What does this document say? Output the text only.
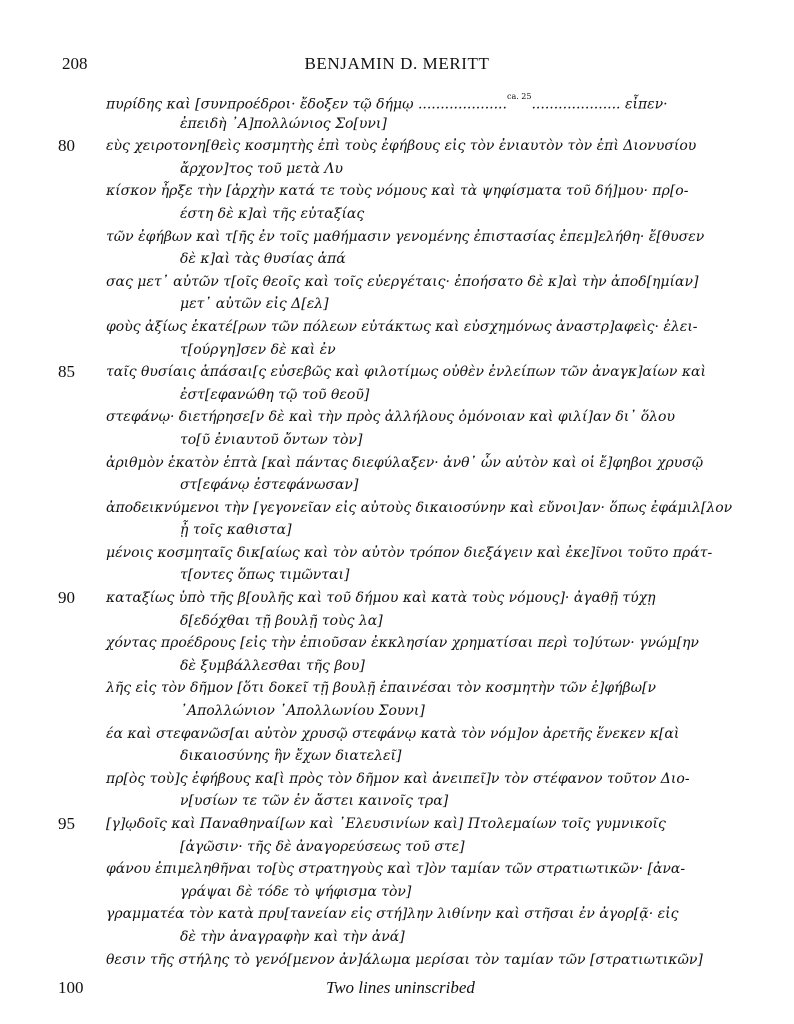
208	BENJAMIN D. MERITT
πυρίδης καὶ [συνπροέδροι· ἔδοξεν τῷ δήμῳ ....................$^{ca. 25}$.................... εἶπεν·
ἐπειδὴ ᾿Α]πολλώνιος Σο[υνι]
80 εὺς χειροτονη[θεὶς κοσμητὴς ἐπὶ τοὺς ἐφήβους εἰς τὸν ἐνιαυτὸν τὸν ἐπὶ Διονυσίου
ἄρχον]τος τοῦ μετὰ Λυ
κίσκον ἦρξε τὴν [ἀρχὴν κατά τε τοὺς νόμους καὶ τὰ ψηφίσματα τοῦ δή]μου· πρ[ο-
έστη δὲ κ]αὶ τῆς εὐταξίας
τῶν ἐφήβων καὶ τ[ῆς ἐν τοῖς μαθήμασιν γενομένης ἐπιστασίας ἐπεμ]ελήθη· ἔ[θυσεν
δὲ κ]αὶ τὰς θυσίας ἁπά
σας μετ᾿ αὐτῶν τ[οῖς θεοῖς καὶ τοῖς εὐεργέταις· ἐποήσατο δὲ κ]αὶ τὴν ἀποδ[ημίαν]
μετ᾿ αὐτῶν εἰς Δ[ελ]
φοὺς ἀξίως ἑκατέ[ρων τῶν πόλεων εὐτάκτως καὶ εὐσχημόνως ἀναστρ]αφεὶς· ἐλει-
τ[ούργη]σεν δὲ καὶ ἐν
85 ταῖς θυσίαις ἁπάσαι[ς εὐσεβῶς καὶ φιλοτίμως οὐθὲν ἐνλείπων τῶν ἀναγκ]αίων καὶ
ἐστ[εφανώθη τῷ τοῦ θεοῦ]
στεφάνῳ· διετήρησε[ν δὲ καὶ τὴν πρὸς ἀλλήλους ὁμόνοιαν καὶ φιλί]αν δι᾿ ὅλου
το[ῦ ἐνιαυτοῦ ὄντων τὸν]
ἀριθμὸν ἑκατὸν ἑπτὰ [καὶ πάντας διεφύλαξεν· ἀνθ᾿ ὧν αὐτὸν καὶ οἱ ἔ]φηβοι χρυσῷ
στ[εφάνῳ ἐστεφάνωσαν]
ἀποδεικνύμενοι τὴν [γεγονεῖαν εἰς αὐτοὺς δικαιοσύνην καὶ εὔνοι]αν· ὅπως ἐφάμιλ[λον
ᾖ τοῖς καθιστα]
μένοις κοσμηταῖς δικ[αίως καὶ τὸν αὐτὸν τρόπον διεξάγειν καὶ ἐκε]ῖνοι τοῦτο πράτ-
τ[οντες ὅπως τιμῶνται]
90 καταξίως ὑπὸ τῆς β[ουλῆς καὶ τοῦ δήμου καὶ κατὰ τοὺς νόμους]· ἀγαθῇ τύχῃ
δ[εδόχθαι τῇ βουλῇ τοὺς λα]
χόντας προέδρους [εἰς τὴν ἐπιοῦσαν ἐκκλησίαν χρηματίσαι περὶ το]ύτων· γνώμ[ην
δὲ ξυμβάλλεσθαι τῆς βου]
λῆς εἰς τὸν δῆμον [ὅτι δοκεῖ τῇ βουλῇ ἐπαινέσαι τὸν κοσμητὴν τῶν ἐ]φήβω[ν
᾿Απολλώνιον ᾿Απολλωνίου Σουνι]
έα καὶ στεφανῶσ[αι αὐτὸν χρυσῷ στεφάνῳ κατὰ τὸν νόμ]ον ἀρετῆς ἕνεκεν κ[αὶ
δικαιοσύνης ἣν ἔχων διατελεῖ]
πρ[ὸς τοὺ]ς ἐφήβους κα[ὶ πρὸς τὸν δῆμον καὶ ἀνειπεῖ]ν τὸν στέφανον τοῦτον Διο-
ν[υσίων τε τῶν ἐν ἄστει καινοῖς τρα]
95 [γ]ῳδοῖς καὶ Παναθηναί[ων καὶ ᾿Ελευσινίων καὶ] Πτολεμαίων τοῖς γυμνικοῖς
[ἀγῶσιν· τῆς δὲ ἀναγορεύσεως τοῦ στε]
φάνου ἐπιμεληθῆναι το[ὺς στρατηγοὺς καὶ τ]ὸν ταμίαν τῶν στρατιωτικῶν· [ἀνα-
γράψαι δὲ τόδε τὸ ψήφισμα τὸν]
γραμματέα τὸν κατὰ πρυ[τανείαν εἰς στή]λην λιθίνην καὶ στῆσαι ἐν ἀγορ[ᾷ· εἰς
δὲ τὴν ἀναγραφὴν καὶ τὴν ἀνά]
θεσιν τῆς στήλης τὸ γενό[μενον ἀν]άλωμα μερίσαι τὸν ταμίαν τῶν [στρατιωτικῶν]
100	Two lines uninscribed
